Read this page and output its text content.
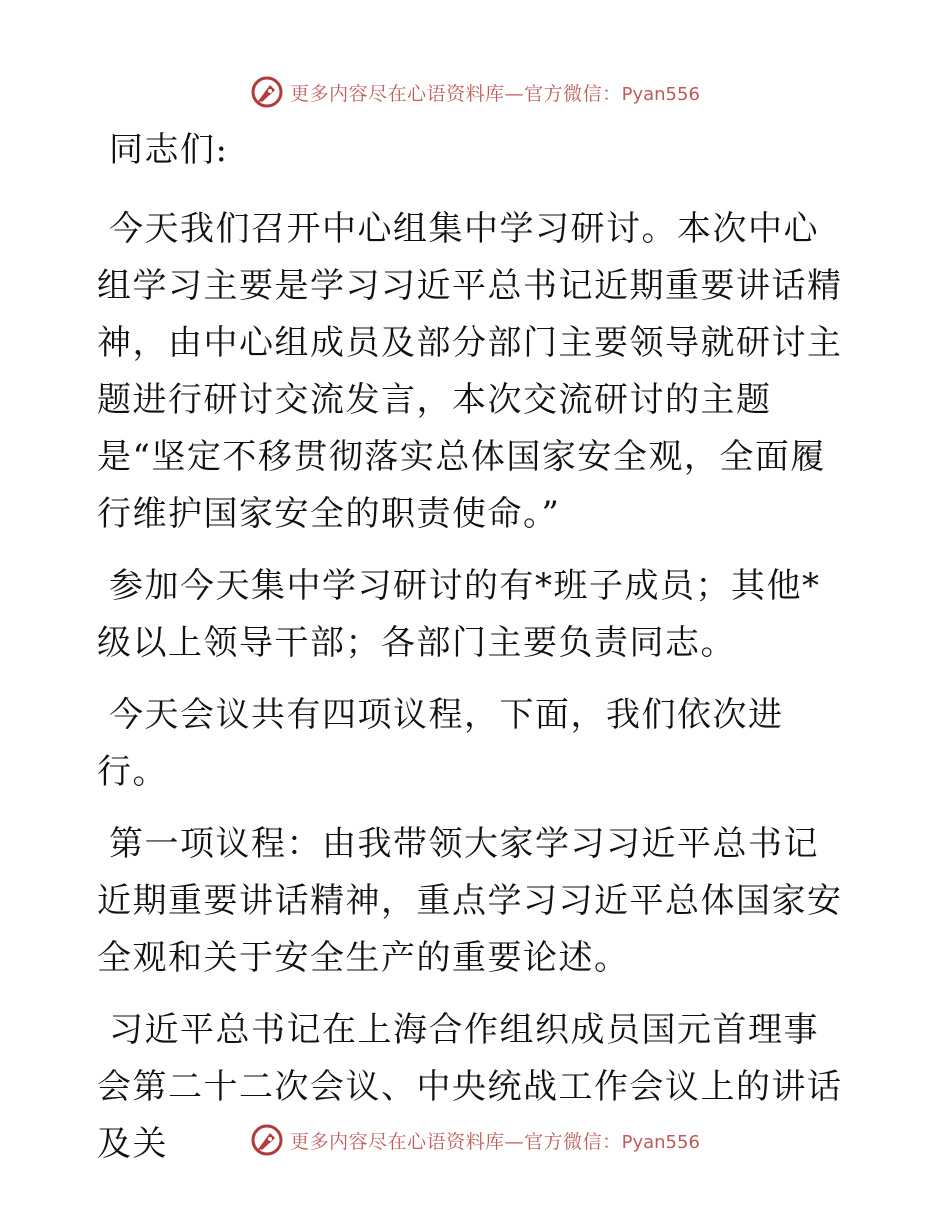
更多内容尽在心语资料库—官方微信：Pyan556

同志们:

今天我们召开中心组集中学习研讨。本次中心组学习主要是学习习近平总书记近期重要讲话精神，由中心组成员及部分部门主要领导就研讨主题进行研讨交流发言，本次交流研讨的主题是“坚定不移贯彻落实总体国家安全观，全面履行维护国家安全的职责使命。”

参加今天集中学习研讨的有*班子成员；其他*级以上领导干部；各部门主要负责同志。

今天会议共有四项议程，下面，我们依次进行。

第一项议程：由我带领大家学习习近平总书记近期重要讲话精神，重点学习习近平总体国家安全观和关于安全生产的重要论述。

习近平总书记在上海合作组织成员国元首理事会第二十二次会议、中央统战工作会议上的讲话及关	更多内容尽在心语资料库—官方微信：Pyan556
